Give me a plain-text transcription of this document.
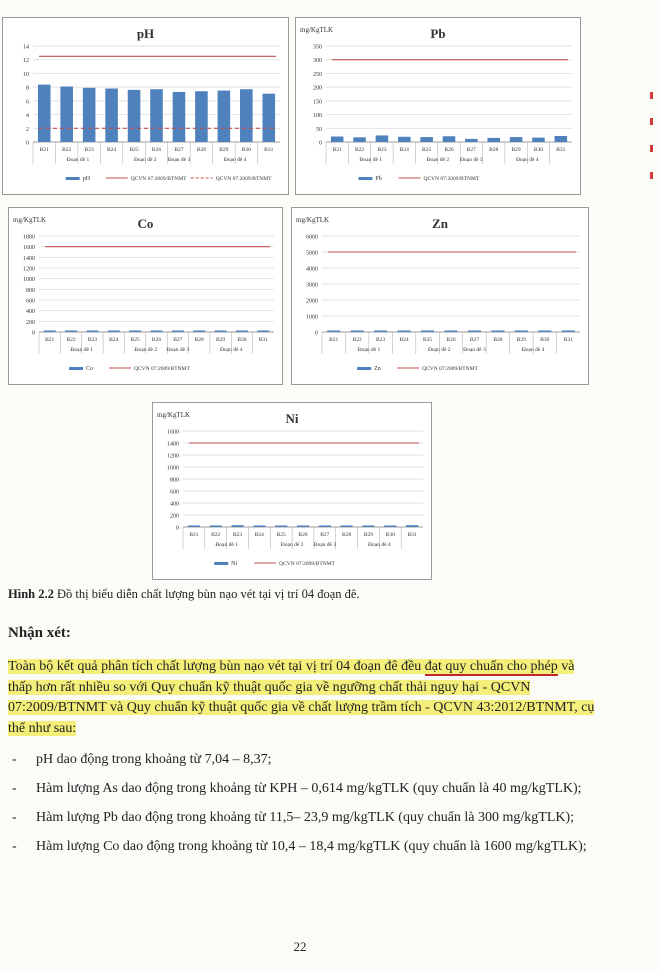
pH
0
2
4
6
8
10
12
14
B21 B22 B23 B24 B25 B26 B27 B28 B29 B30 B31
Đoạn đê 1	Đoạn đê 2 Đoạn đê 3	Đoạn đê 4
pH	QCVN 07:2009/BTNMT	QCVN 07:2009/BTNMT
Pb
mg/KgTLK
0
50
100
150
200
250
300
350
B21 B22 B23 B24 B25 B26 B27 B28 B29 B30 B31
Đoạn đê 1	Đoạn đê 2 Đoạn đê 3	Đoạn đê 4
Pb	QCVN 07:2009/BTNMT
Co
mg/KgTLK
0
200
400
600
800
1000
1200
1400
1600
1800
B21 B22 B23 B24 B25 B26 B27 B28 B29 B30 B31
Đoạn đê 1	Đoạn đê 2 Đoạn đê 3	Đoạn đê 4
Co	QCVN 07:2009/BTNMT
Zn
mg/KgTLK
0
1000
2000
3000
4000
5000
6000
B21	B22	B23	B24	B25	B26	B27	B28	B29	B30	B31
Đoạn đê 1	Đoạn đê 2 Đoạn đê 3	Đoạn đê 4
Zn	QCVN 07:2009/BTNMT
Ni
mg/KgTLK
0
200
400
600
800
1000
1200
1400
1600
B21 B22 B23 B24 B25 B26 B27 B28 B29 B30 B31
Đoạn đê 1	Đoạn đê 2 Đoạn đê 3	Đoạn đê 4
Ni	QCVN 07:2009/BTNMT
Hình 2.2 Đồ thị biểu diễn chất lượng bùn nạo vét tại vị trí 04 đoạn đê.
Nhận xét:
Toàn bộ kết quả phân tích chất lượng bùn nạo vét tại vị trí 04 đoạn đê đều đạt quy chuẩn cho phép và thấp hơn rất nhiều so với Quy chuẩn kỹ thuật quốc gia về ngưỡng chất thải nguy hại - QCVN 07:2009/BTNMT và Quy chuẩn kỹ thuật quốc gia về chất lượng trầm tích - QCVN 43:2012/BTNMT, cụ thể như sau:
- pH dao động trong khoảng từ 7,04 – 8,37;
- Hàm lượng As dao động trong khoảng từ KPH – 0,614 mg/kgTLK (quy chuẩn là 40 mg/kgTLK);
- Hàm lượng Pb dao động trong khoảng từ 11,5– 23,9 mg/kgTLK (quy chuẩn là 300 mg/kgTLK);
- Hàm lượng Co dao động trong khoảng từ 10,4 – 18,4 mg/kgTLK (quy chuẩn là 1600 mg/kgTLK);
22
